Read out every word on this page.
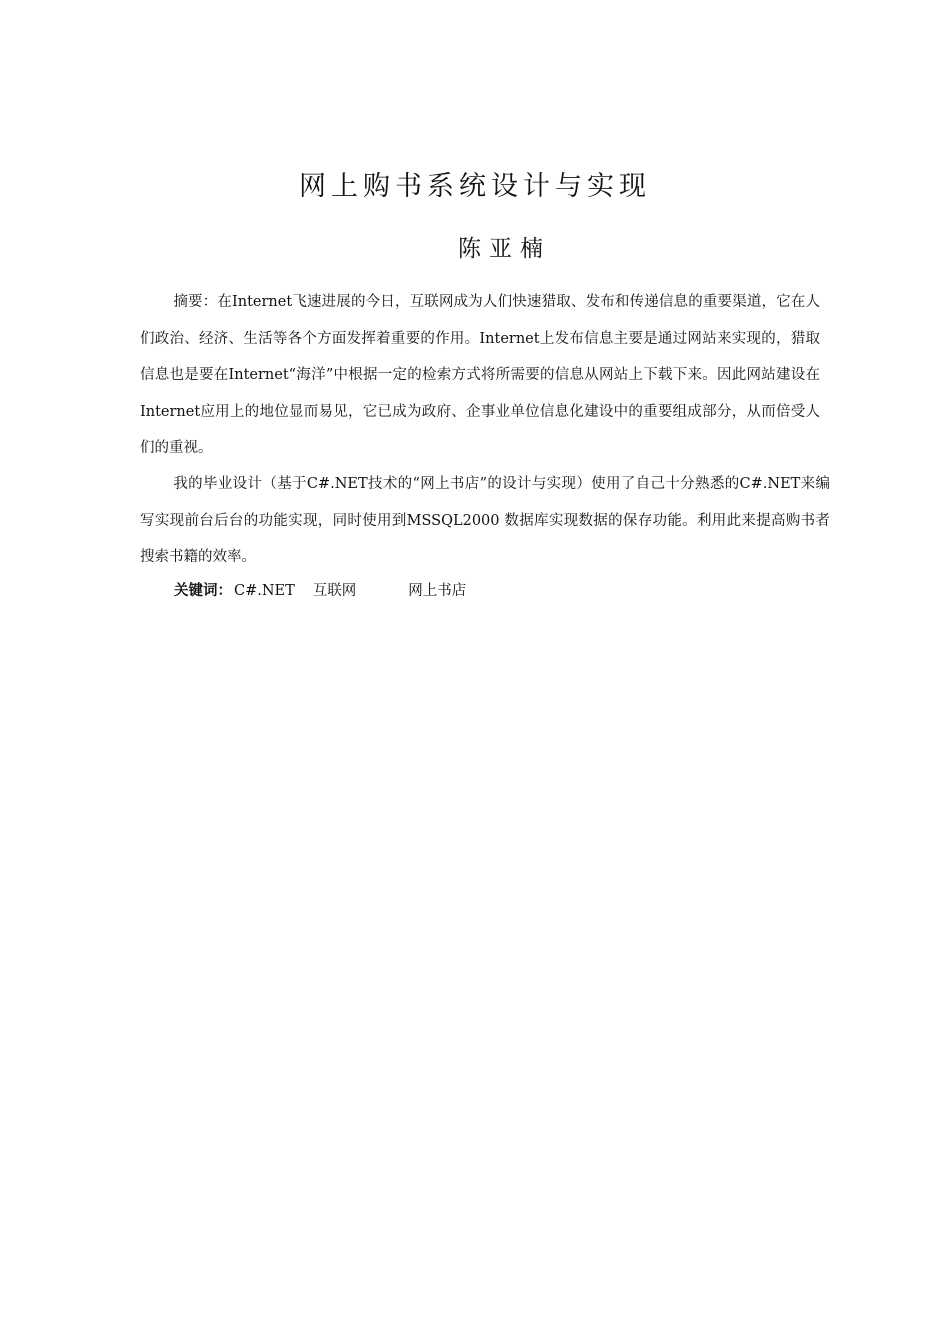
网上购书系统设计与实现

陈亚楠

摘要：在Internet飞速进展的今日，互联网成为人们快速猎取、发布和传递信息的重要渠道，它在人们政治、经济、生活等各个方面发挥着重要的作用。Internet上发布信息主要是通过网站来实现的，猎取信息也是要在Internet“海洋”中根据一定的检索方式将所需要的信息从网站上下载下来。因此网站建设在Internet应用上的地位显而易见，它已成为政府、企事业单位信息化建设中的重要组成部分，从而倍受人们的重视。

我的毕业设计（基于C#.NET技术的“网上书店”的设计与实现）使用了自己十分熟悉的C#.NET来编写实现前台后台的功能实现，同时使用到MSSQL2000 数据库实现数据的保存功能。利用此来提高购书者搜索书籍的效率。

关键词： C#.NET 互联网	网上书店
